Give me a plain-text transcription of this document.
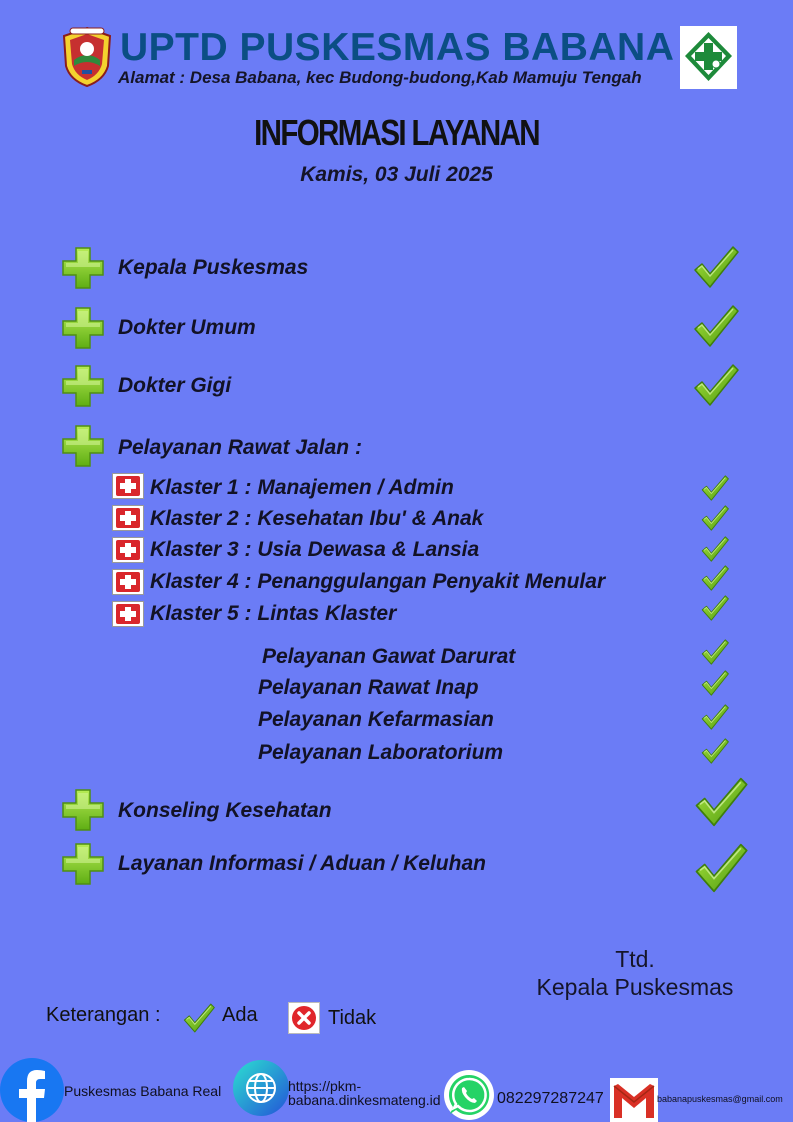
UPTD PUSKESMAS BABANA
Alamat : Desa Babana, kec Budong-budong,Kab Mamuju Tengah
INFORMASI LAYANAN
Kamis, 03 Juli 2025
Kepala Puskesmas
Dokter Umum
Dokter Gigi
Pelayanan Rawat Jalan :
Klaster 1 : Manajemen / Admin
Klaster 2 : Kesehatan Ibu' & Anak
Klaster 3 : Usia Dewasa & Lansia
Klaster 4 : Penanggulangan Penyakit Menular
Klaster 5 : Lintas Klaster
Pelayanan Gawat Darurat
Pelayanan Rawat Inap
Pelayanan Kefarmasian
Pelayanan Laboratorium
Konseling Kesehatan
Layanan Informasi / Aduan / Keluhan
Ttd.
Kepala Puskesmas
Keterangan :	Ada	Tidak
Puskesmas Babana Real	https://pkm-
babana.dinkesmateng.id	082297287247	babanapuskesmas@gmail.com
